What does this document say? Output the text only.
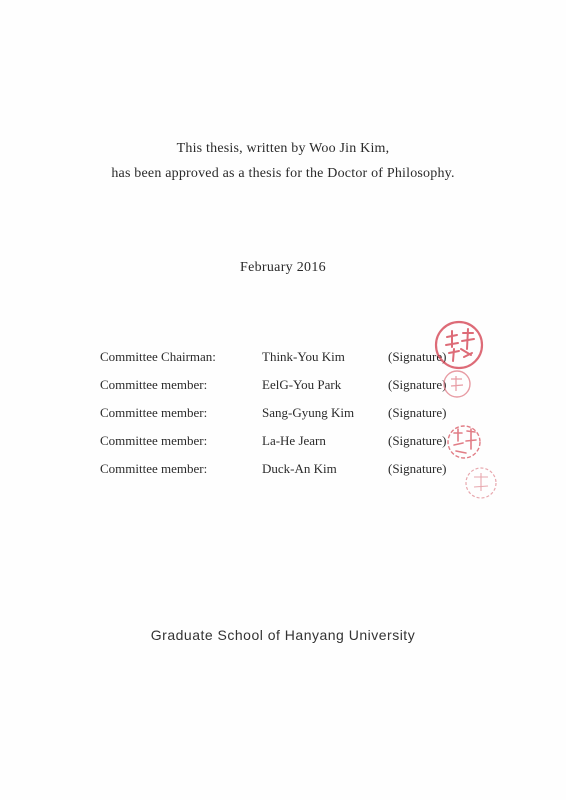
This thesis, written by Woo Jin Kim,
has been approved as a thesis for the Doctor of Philosophy.
February 2016
Committee Chairman:	Think-You Kim	(Signature)
Committee member:	EelG-You Park	(Signature)
Committee member:	Sang-Gyung Kim	(Signature)
Committee member:	La-He Jearn	(Signature)
Committee member:	Duck-An Kim	(Signature)
Graduate School of Hanyang University
